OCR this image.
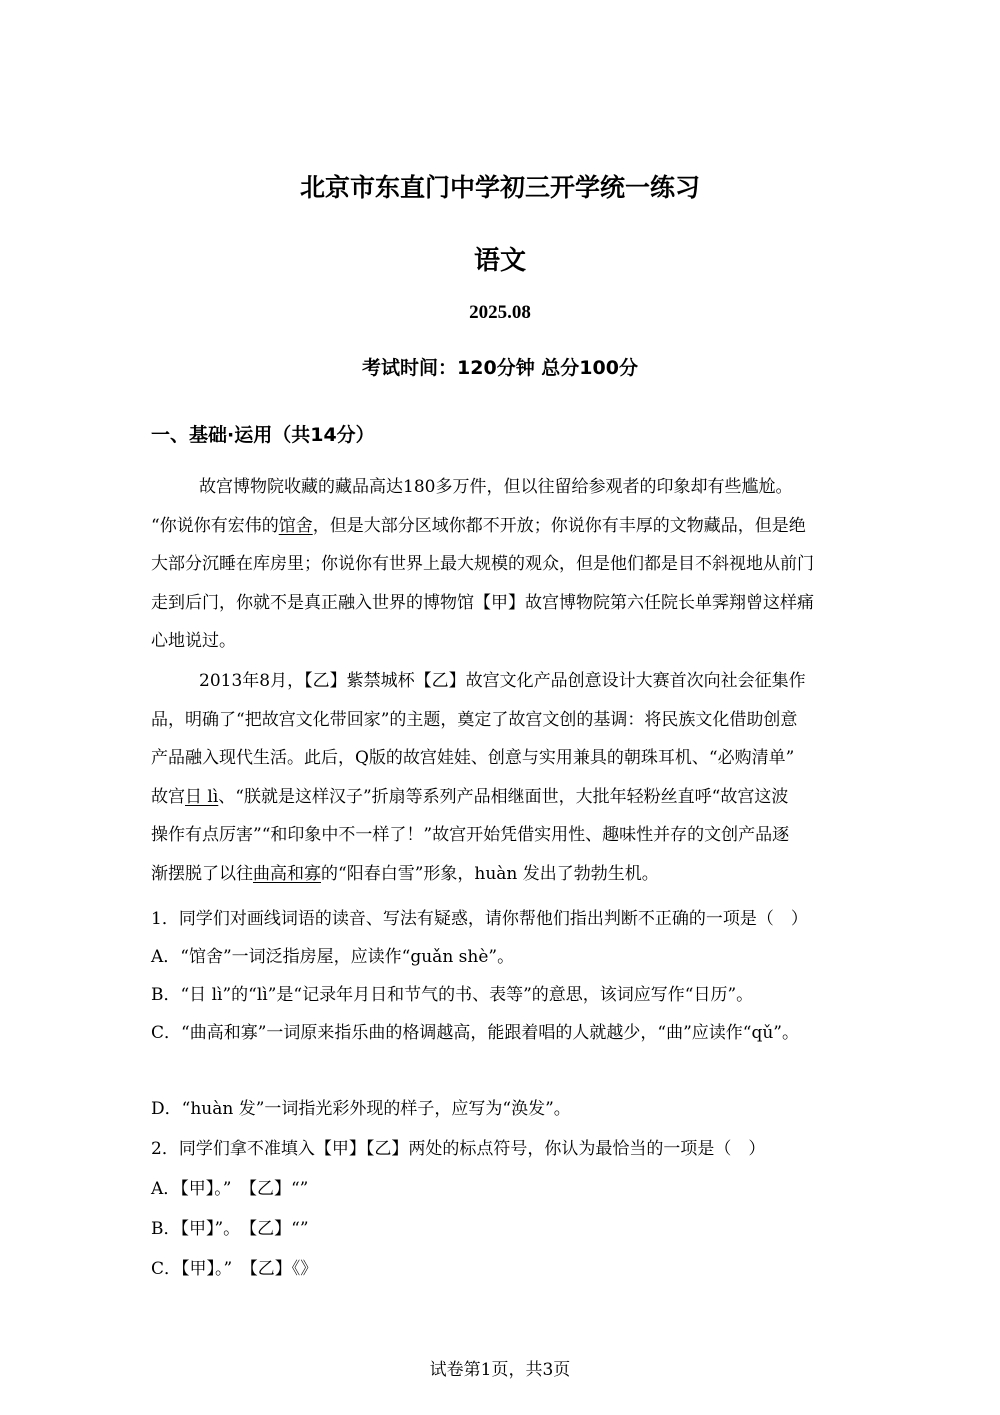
北京市东直门中学初三开学统一练习
语文
2025.08
考试时间：120分钟 总分100分
一、基础·运用（共14分）
故宫博物院收藏的藏品高达180多万件，但以往留给参观者的印象却有些尴尬。
“你说你有宏伟的馆舍，但是大部分区域你都不开放；你说你有丰厚的文物藏品，但是绝
大部分沉睡在库房里；你说你有世界上最大规模的观众，但是他们都是目不斜视地从前门
走到后门，你就不是真正融入世界的博物馆【甲】故宫博物院第六任院长单霁翔曾这样痛
心地说过。
2013年8月，【乙】紫禁城杯【乙】故宫文化产品创意设计大赛首次向社会征集作
品，明确了“把故宫文化带回家”的主题，奠定了故宫文创的基调：将民族文化借助创意
产品融入现代生活。此后，Q版的故宫娃娃、创意与实用兼具的朝珠耳机、“必购清单”
故宫日 lì、“朕就是这样汉子”折扇等系列产品相继面世，大批年轻粉丝直呼“故宫这波
操作有点厉害”“和印象中不一样了！”故宫开始凭借实用性、趣味性并存的文创产品逐
渐摆脱了以往曲高和寡的“阳春白雪”形象，huàn 发出了勃勃生机。
1．同学们对画线词语的读音、写法有疑惑，请你帮他们指出判断不正确的一项是（　）
A．“馆舍”一词泛指房屋，应读作“guǎn shè”。
B．“日 lì”的“lì”是“记录年月日和节气的书、表等”的意思，该词应写作“日历”。
C．“曲高和寡”一词原来指乐曲的格调越高，能跟着唱的人就越少，“曲”应读作“qǔ”。
D．“huàn 发”一词指光彩外现的样子，应写为“涣发”。
2．同学们拿不准填入【甲】【乙】两处的标点符号，你认为最恰当的一项是（　）
A．【甲】。”　【乙】“”
B．【甲】”。　【乙】“”
C．【甲】。”　【乙】《》
试卷第1页，共3页
